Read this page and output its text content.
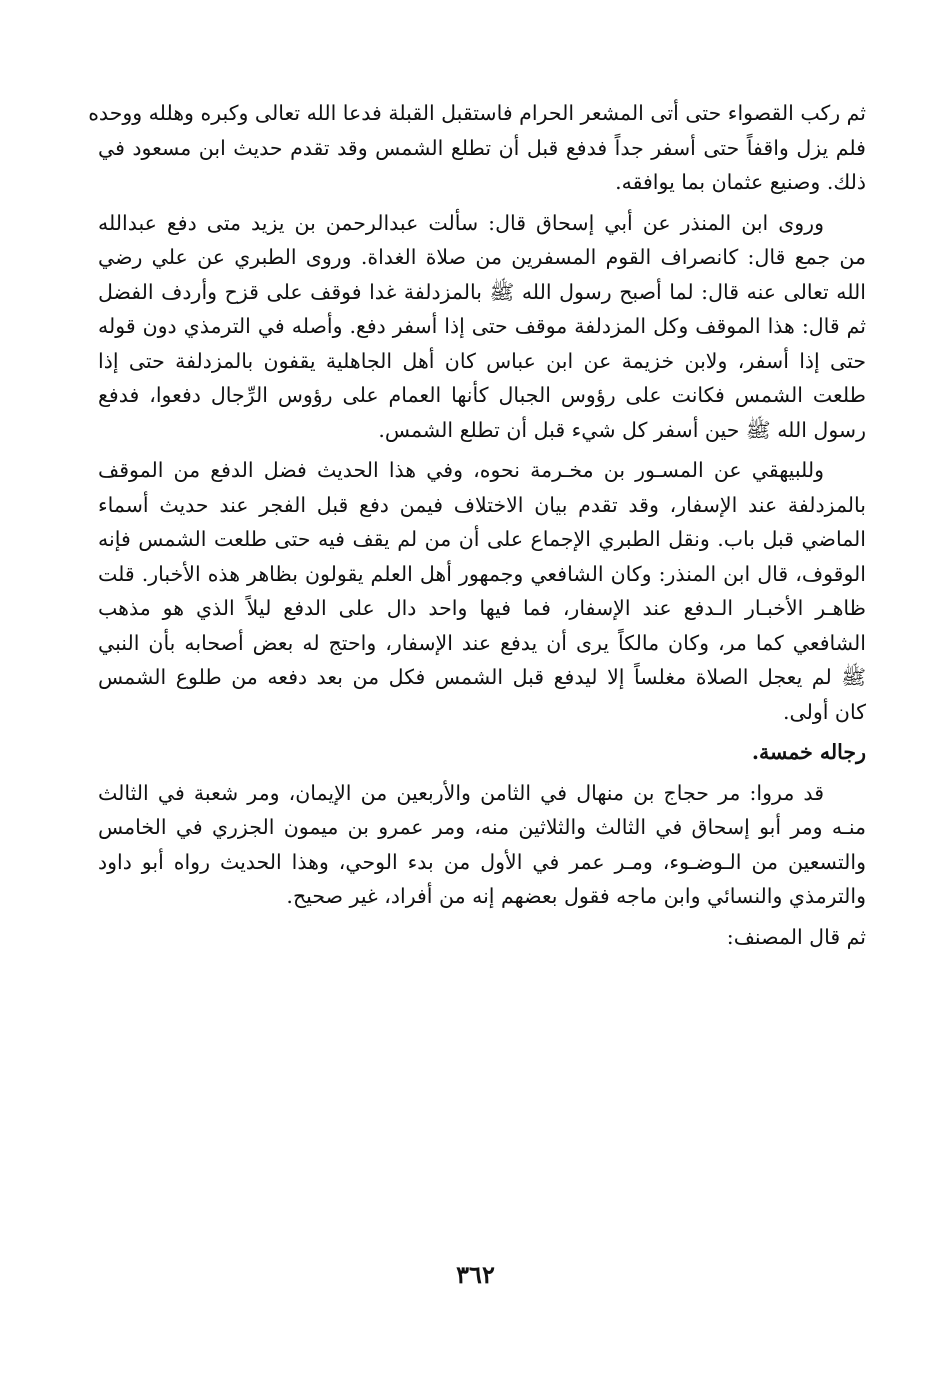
ثم ركب القصواء حتى أتى المشعر الحرام فاستقبل القبلة فدعا الله تعالى وكبره وهلله ووحده
فلم يزل واقفاً حتى أسفر جداً فدفع قبل أن تطلع الشمس وقد تقدم حديث ابن مسعود في
ذلك. وصنيع عثمان بما يوافقه.

وروى ابن المنذر عن أبي إسحاق قال: سألت عبدالرحمن بن يزيد متى دفع عبدالله
من جمع قال: كانصراف القوم المسفرين من صلاة الغداة. وروى الطبري عن علي رضي
الله تعالى عنه قال: لما أصبح رسول الله ﷺ بالمزدلفة غدا فوقف على قزح وأردف الفضل
ثم قال: هذا الموقف وكل المزدلفة موقف حتى إذا أسفر دفع. وأصله في الترمذي دون قوله
حتى إذا أسفر، ولابن خزيمة عن ابن عباس كان أهل الجاهلية يقفون بالمزدلفة حتى إذا
طلعت الشمس فكانت على رؤوس الجبال كأنها العمام على رؤوس الرِّجال دفعوا، فدفع
رسول الله ﷺ حين أسفر كل شيء قبل أن تطلع الشمس.

وللبيهقي عن المسـور بن مخـرمة نحوه، وفي هذا الحديث فضل الدفع من الموقف
بالمزدلفة عند الإسفار، وقد تقدم بيان الاختلاف فيمن دفع قبل الفجر عند حديث أسماء
الماضي قبل باب. ونقل الطبري الإجماع على أن من لم يقف فيه حتى طلعت الشمس فإنه
الوقوف، قال ابن المنذر: وكان الشافعي وجمهور أهل العلم يقولون بظاهر هذه الأخبار. قلت
ظاهـر الأخبـار الـدفع عند الإسفار، فما فيها واحد دال على الدفع ليلاً الذي هو مذهب
الشافعي كما مر، وكان مالكاً يرى أن يدفع عند الإسفار، واحتج له بعض أصحابه بأن النبي
ﷺ لم يعجل الصلاة مغلساً إلا ليدفع قبل الشمس فكل من بعد دفعه من طلوع الشمس
كان أولى.

رجاله خمسة.

قد مروا: مر حجاج بن منهال في الثامن والأربعين من الإيمان، ومر شعبة في الثالث
منـه ومر أبو إسحاق في الثالث والثلاثين منه، ومر عمرو بن ميمون الجزري في الخامس
والتسعين من الـوضـوء، ومـر عمر في الأول من بدء الوحي، وهذا الحديث رواه أبو داود
والترمذي والنسائي وابن ماجه فقول بعضهم إنه من أفراد، غير صحيح.

ثم قال المصنف:

٣٦٢
